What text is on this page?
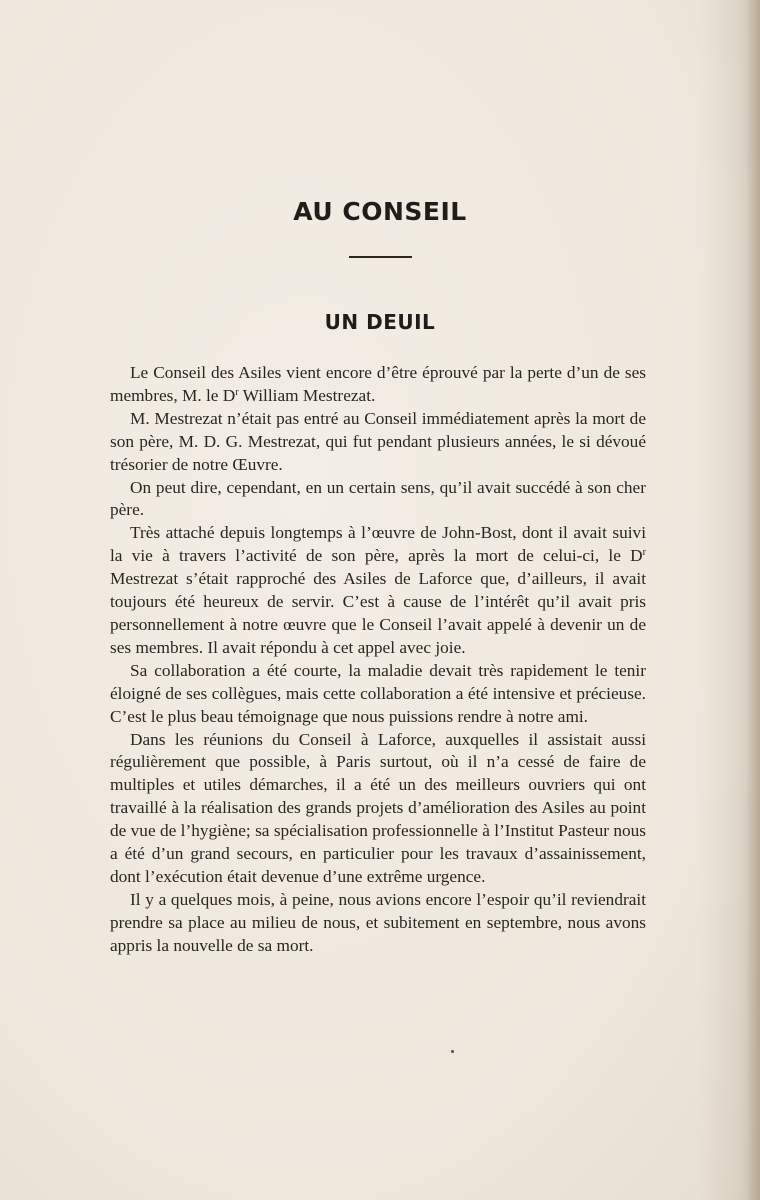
AU CONSEIL
UN DEUIL

Le Conseil des Asiles vient encore d’être éprouvé par la perte d’un de ses membres, M. le $D^r$ William Mestrezat.

M. Mestrezat n’était pas entré au Conseil immédiatement après la mort de son père, M. D. G. Mestrezat, qui fut pendant plusieurs années, le si dévoué trésorier de notre Œuvre.

On peut dire, cependant, en un certain sens, qu’il avait succédé à son cher père.

Très attaché depuis longtemps à l’œuvre de John-Bost, dont il avait suivi la vie à travers l’activité de son père, après la mort de celui-ci, le $D^r$ Mestrezat s’était rapproché des Asiles de Laforce que, d’ailleurs, il avait toujours été heureux de servir. C’est à cause de l’intérêt qu’il avait pris personnellement à notre œuvre que le Conseil l’avait appelé à devenir un de ses membres. Il avait répondu à cet appel avec joie.

Sa collaboration a été courte, la maladie devait très rapidement le tenir éloigné de ses collègues, mais cette collaboration a été intensive et précieuse. C’est le plus beau témoignage que nous puissions rendre à notre ami.

Dans les réunions du Conseil à Laforce, auxquelles il assistait aussi régulièrement que possible, à Paris surtout, où il n’a cessé de faire de multiples et utiles démarches, il a été un des meilleurs ouvriers qui ont travaillé à la réalisation des grands projets d’amélioration des Asiles au point de vue de l’hygiène; sa spécialisation professionnelle à l’Institut Pasteur nous a été d’un grand secours, en particulier pour les travaux d’assainissement, dont l’exécution était devenue d’une extrême urgence.

Il y a quelques mois, à peine, nous avions encore l’espoir qu’il reviendrait prendre sa place au milieu de nous, et subitement en septembre, nous avons appris la nouvelle de sa mort.
